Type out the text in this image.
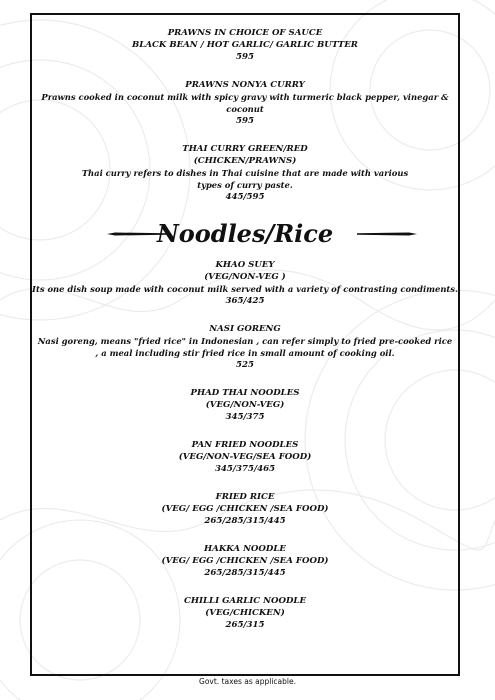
PRAWNS IN CHOICE OF SAUCE

BLACK BEAN / HOT GARLIC/ GARLIC BUTTER

595

PRAWNS NONYA CURRY

Prawns cooked in coconut milk with spicy gravy with turmeric black pepper, vinegar & coconut

595

THAI CURRY GREEN/RED

(CHICKEN/PRAWNS)

Thai curry refers to dishes in Thai cuisine that are made with various

types of curry paste.

445/595

Noodles/Rice

KHAO SUEY

(VEG/NON-VEG )

Its one dish soup made with coconut milk served with a variety of contrasting condiments.

365/425

NASI GORENG

Nasi goreng, means "fried rice" in Indonesian , can refer simply to fried pre-cooked rice

, a meal including stir fried rice in small amount of cooking oil.

525

PHAD THAI NOODLES

(VEG/NON-VEG)

345/375

PAN FRIED NOODLES

(VEG/NON-VEG/SEA FOOD)

345/375/465

FRIED RICE

(VEG/ EGG /CHICKEN /SEA FOOD)

265/285/315/445

HAKKA NOODLE

(VEG/ EGG /CHICKEN /SEA FOOD)

265/285/315/445

CHILLI GARLIC NOODLE

(VEG/CHICKEN)

265/315

Govt. taxes as applicable.
